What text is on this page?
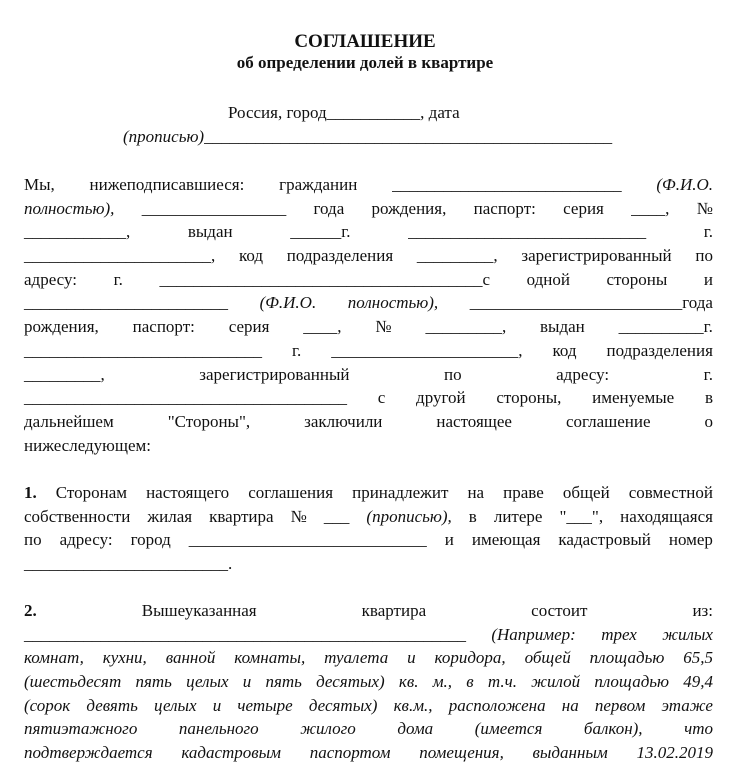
СОГЛАШЕНИЕ
об определении долей в квартире
Россия, город___________, дата
(прописью)________________________________________________
Мы, нижеподписавшиеся: гражданин ___________________________ (Ф.И.О.
полностью), _________________ года рождения, паспорт: серия ____, №
____________,	выдан	______г.	____________________________	г.
______________________, код подразделения _________, зарегистрированный по
адресу: г. ______________________________________с одной стороны и
________________________ (Ф.И.О. полностью), _________________________года
рождения, паспорт: серия ____, № _________, выдан __________г.
____________________________ г. ______________________, код подразделения
_________,	зарегистрированный	по	адресу:	г.
______________________________________ с другой стороны, именуемые в
дальнейшем	"Стороны",	заключили	настоящее	соглашение	о
нижеследующем:
1. Сторонам настоящего соглашения принадлежит на праве общей совместной
собственности жилая квартира № ___ (прописью), в литере "___", находящаяся
по адресу: город ____________________________ и имеющая кадастровый номер
________________________.
2.	Вышеуказанная	квартира	состоит	из:
____________________________________________________ (Например: трех жилых
комнат, кухни, ванной комнаты, туалета и коридора, общей площадью 65,5
(шестьдесят пять целых и пять десятых) кв. м., в т.ч. жилой площадью 49,4
(сорок девять целых и четыре десятых) кв.м., расположена на первом этаже
пятиэтажного панельного жилого дома (имеется балкон), что
подтверждается кадастровым паспортом помещения, выданным 13.02.2019
